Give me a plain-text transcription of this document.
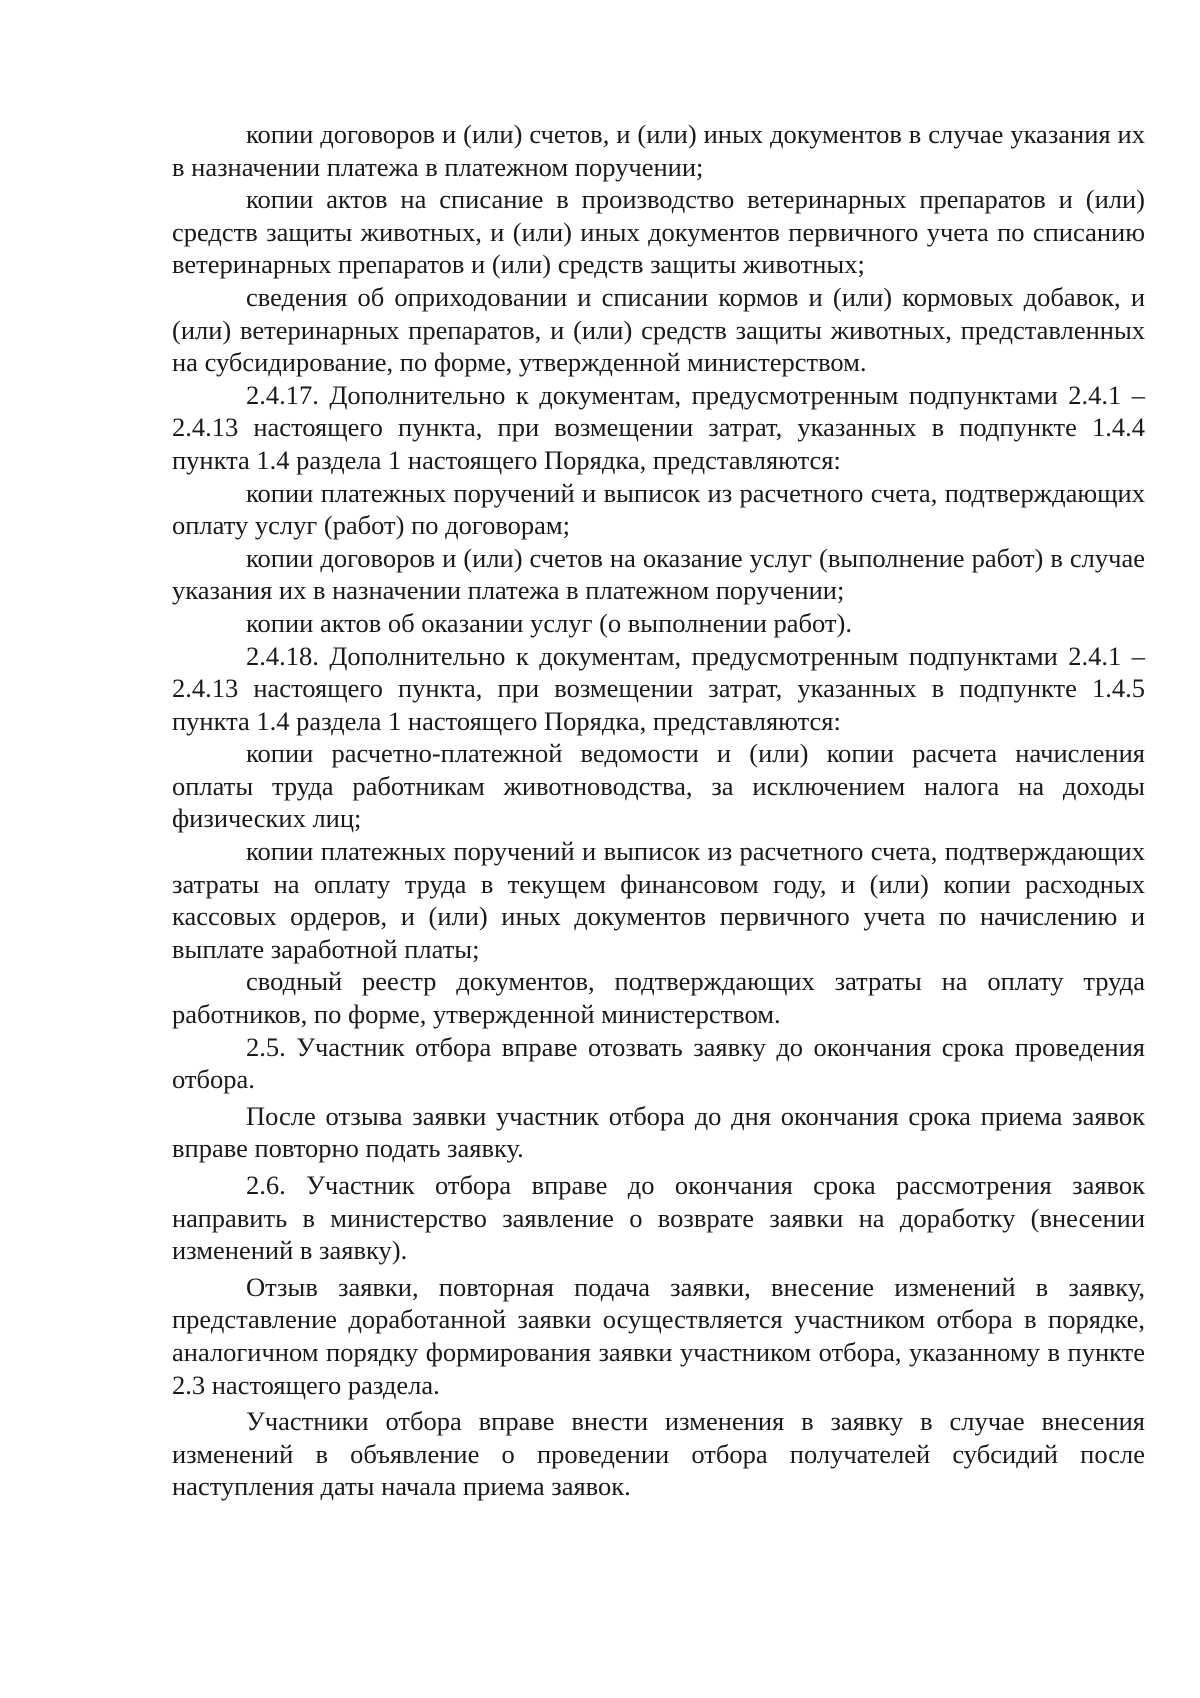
копии договоров и (или) счетов, и (или) иных документов в случае указания их в назначении платежа в платежном поручении;

копии актов на списание в производство ветеринарных препаратов и (или) средств защиты животных, и (или) иных документов первичного учета по списанию ветеринарных препаратов и (или) средств защиты животных;

сведения об оприходовании и списании кормов и (или) кормовых добавок, и (или) ветеринарных препаратов, и (или) средств защиты животных, представленных на субсидирование, по форме, утвержденной министерством.

2.4.17. Дополнительно к документам, предусмотренным подпунктами 2.4.1 – 2.4.13 настоящего пункта, при возмещении затрат, указанных в подпункте 1.4.4 пункта 1.4 раздела 1 настоящего Порядка, представляются:

копии платежных поручений и выписок из расчетного счета, подтверждающих оплату услуг (работ) по договорам;

копии договоров и (или) счетов на оказание услуг (выполнение работ) в случае указания их в назначении платежа в платежном поручении;

копии актов об оказании услуг (о выполнении работ).

2.4.18. Дополнительно к документам, предусмотренным подпунктами 2.4.1 – 2.4.13 настоящего пункта, при возмещении затрат, указанных в подпункте 1.4.5 пункта 1.4 раздела 1 настоящего Порядка, представляются:

копии расчетно-платежной ведомости и (или) копии расчета начисления оплаты труда работникам животноводства, за исключением налога на доходы физических лиц;

копии платежных поручений и выписок из расчетного счета, подтверждающих затраты на оплату труда в текущем финансовом году, и (или) копии расходных кассовых ордеров, и (или) иных документов первичного учета по начислению и выплате заработной платы;

сводный реестр документов, подтверждающих затраты на оплату труда работников, по форме, утвержденной министерством.

2.5. Участник отбора вправе отозвать заявку до окончания срока проведения отбора.

После отзыва заявки участник отбора до дня окончания срока приема заявок вправе повторно подать заявку.

2.6. Участник отбора вправе до окончания срока рассмотрения заявок направить в министерство заявление о возврате заявки на доработку (внесении изменений в заявку).

Отзыв заявки, повторная подача заявки, внесение изменений в заявку, представление доработанной заявки осуществляется участником отбора в порядке, аналогичном порядку формирования заявки участником отбора, указанному в пункте 2.3 настоящего раздела.

Участники отбора вправе внести изменения в заявку в случае внесения изменений в объявление о проведении отбора получателей субсидий после наступления даты начала приема заявок.
